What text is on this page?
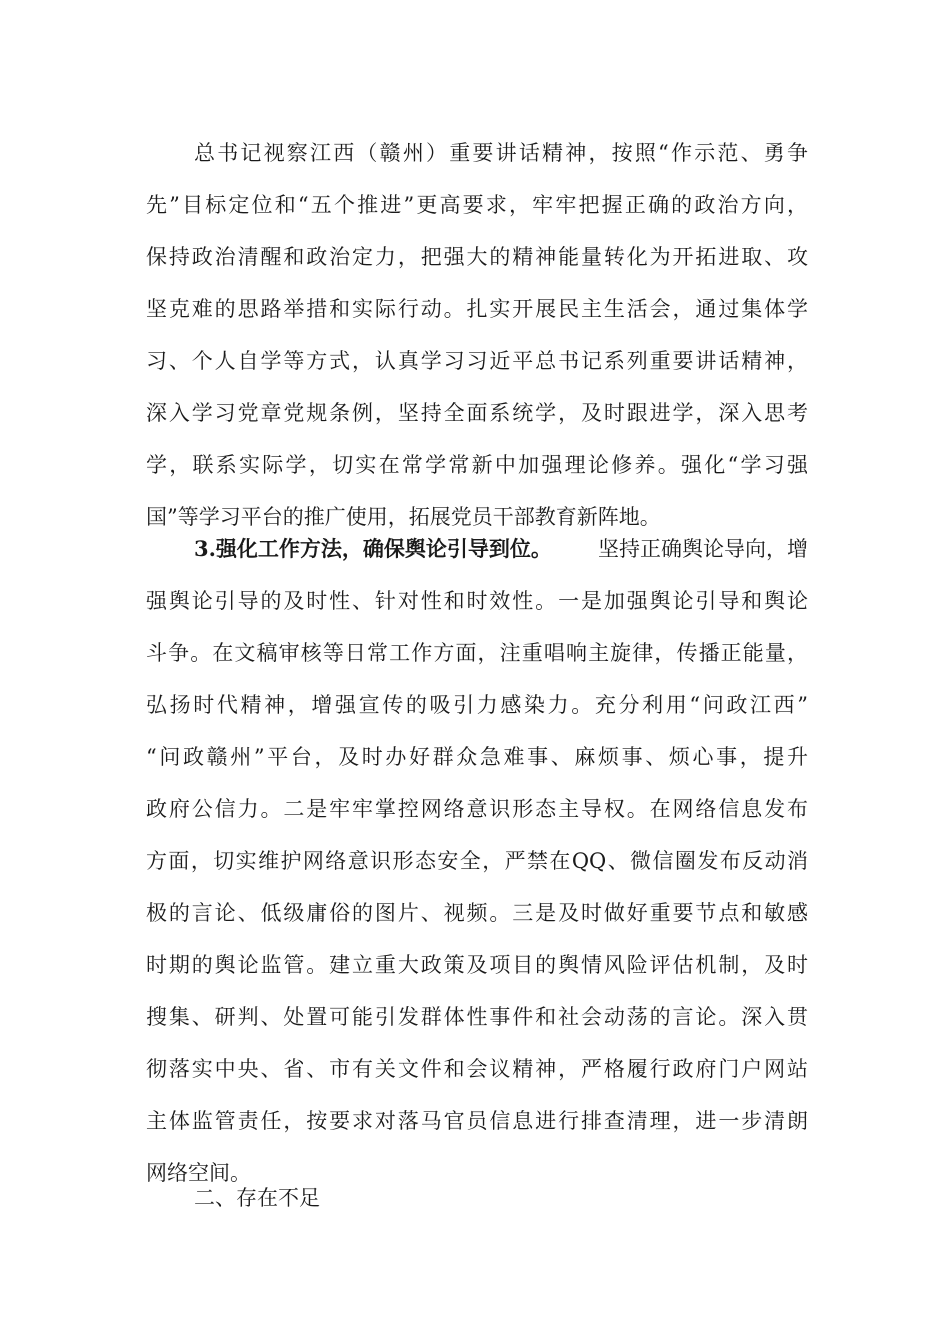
总书记视察江西（赣州）重要讲话精神，按照“作示范、勇争
先”目标定位和“五个推进”更高要求，牢牢把握正确的政治方向，
保持政治清醒和政治定力，把强大的精神能量转化为开拓进取、攻
坚克难的思路举措和实际行动。扎实开展民主生活会，通过集体学
习、个人自学等方式，认真学习习近平总书记系列重要讲话精神，
深入学习党章党规条例，坚持全面系统学，及时跟进学，深入思考
学，联系实际学，切实在常学常新中加强理论修养。强化“学习强
国”等学习平台的推广使用，拓展党员干部教育新阵地。
3.强化工作方法，确保舆论引导到位。 坚持正确舆论导向，增
强舆论引导的及时性、针对性和时效性。一是加强舆论引导和舆论
斗争。在文稿审核等日常工作方面，注重唱响主旋律，传播正能量，
弘扬时代精神，增强宣传的吸引力感染力。充分利用“问政江西”
“问政赣州”平台，及时办好群众急难事、麻烦事、烦心事，提升
政府公信力。二是牢牢掌控网络意识形态主导权。在网络信息发布
方面，切实维护网络意识形态安全，严禁在QQ、微信圈发布反动消
极的言论、低级庸俗的图片、视频。三是及时做好重要节点和敏感
时期的舆论监管。建立重大政策及项目的舆情风险评估机制，及时
搜集、研判、处置可能引发群体性事件和社会动荡的言论。深入贯
彻落实中央、省、市有关文件和会议精神，严格履行政府门户网站
主体监管责任，按要求对落马官员信息进行排查清理，进一步清朗
网络空间。
二、存在不足
